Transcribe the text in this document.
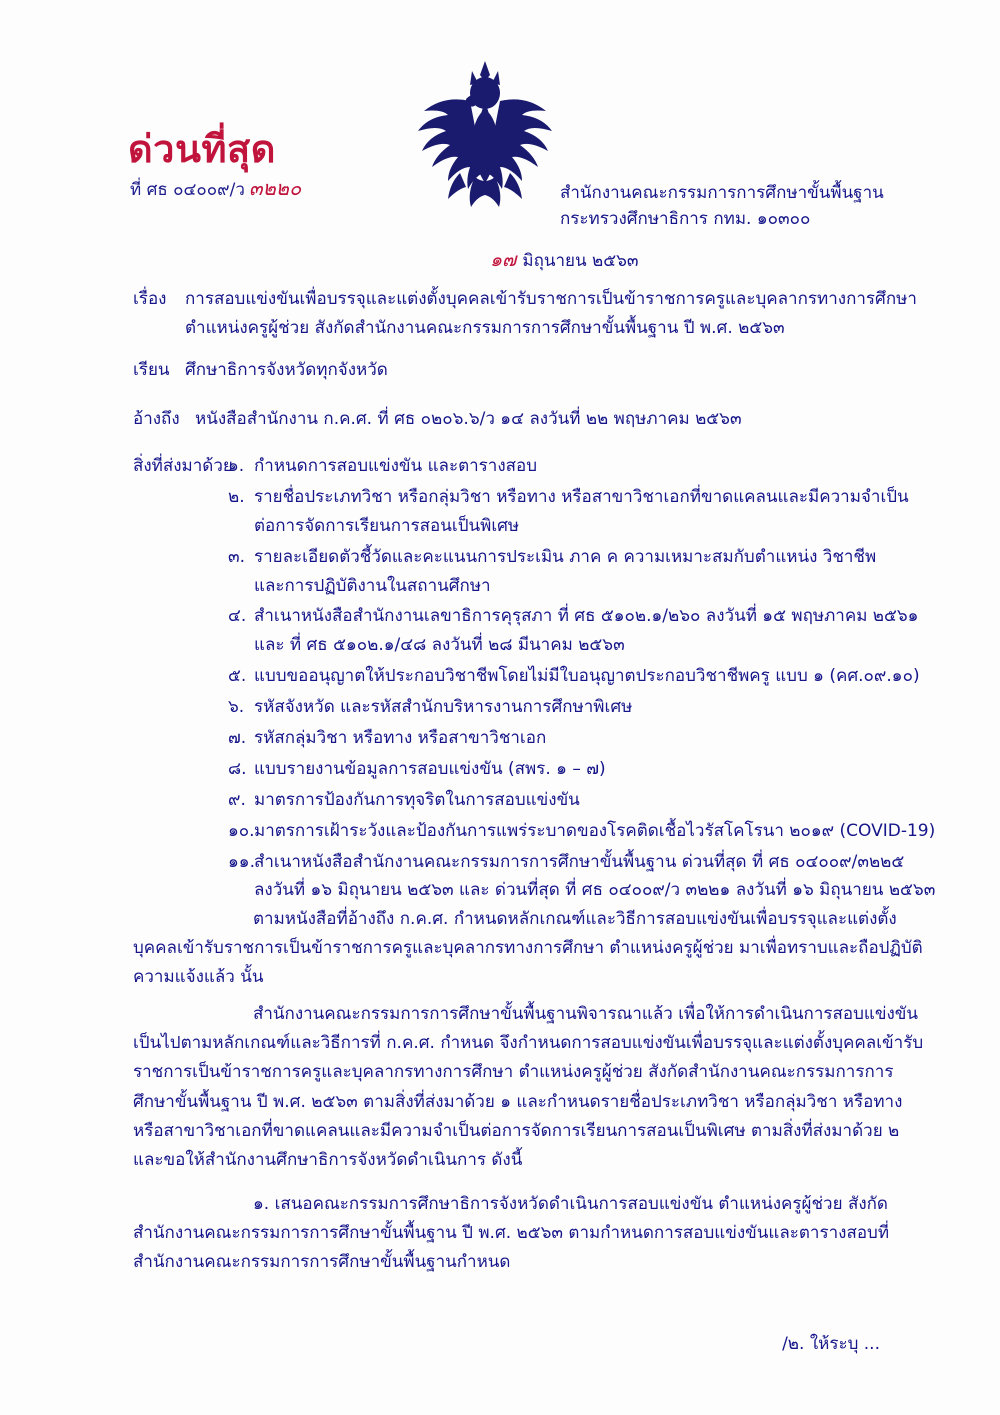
ด่วนที่สุด
ที่ ศธ ๐๔๐๐๙/ว ๓๒๒๐	สำนักงานคณะกรรมการการศึกษาขั้นพื้นฐาน
กระทรวงศึกษาธิการ กทม. ๑๐๓๐๐
๑๗ มิถุนายน ๒๕๖๓
เรื่อง การสอบแข่งขันเพื่อบรรจุและแต่งตั้งบุคคลเข้ารับราชการเป็นข้าราชการครูและบุคลากรทางการศึกษา
ตำแหน่งครูผู้ช่วย สังกัดสำนักงานคณะกรรมการการศึกษาขั้นพื้นฐาน ปี พ.ศ. ๒๕๖๓
เรียน ศึกษาธิการจังหวัดทุกจังหวัด
อ้างถึง หนังสือสำนักงาน ก.ค.ศ. ที่ ศธ ๐๒๐๖.๖/ว ๑๔ ลงวันที่ ๒๒ พฤษภาคม ๒๕๖๓
สิ่งที่ส่งมาด้วย
๑. กำหนดการสอบแข่งขัน และตารางสอบ
๒. รายชื่อประเภทวิชา หรือกลุ่มวิชา หรือทาง หรือสาขาวิชาเอกที่ขาดแคลนและมีความจำเป็น
ต่อการจัดการเรียนการสอนเป็นพิเศษ
๓. รายละเอียดตัวชี้วัดและคะแนนการประเมิน ภาค ค ความเหมาะสมกับตำแหน่ง วิชาชีพ
และการปฏิบัติงานในสถานศึกษา
๔. สำเนาหนังสือสำนักงานเลขาธิการคุรุสภา ที่ ศธ ๕๑๐๒.๑/๒๖๐ ลงวันที่ ๑๕ พฤษภาคม ๒๕๖๑
และ ที่ ศธ ๕๑๐๒.๑/๔๘ ลงวันที่ ๒๘ มีนาคม ๒๕๖๓
๕. แบบขออนุญาตให้ประกอบวิชาชีพโดยไม่มีใบอนุญาตประกอบวิชาชีพครู แบบ ๑ (คศ.๐๙.๑๐)
๖. รหัสจังหวัด และรหัสสำนักบริหารงานการศึกษาพิเศษ
๗. รหัสกลุ่มวิชา หรือทาง หรือสาขาวิชาเอก
๘. แบบรายงานข้อมูลการสอบแข่งขัน (สพร. ๑ – ๗)
๙. มาตรการป้องกันการทุจริตในการสอบแข่งขัน
๑๐. มาตรการเฝ้าระวังและป้องกันการแพร่ระบาดของโรคติดเชื้อไวรัสโคโรนา ๒๐๑๙ (COVID-19)
๑๑. สำเนาหนังสือสำนักงานคณะกรรมการการศึกษาขั้นพื้นฐาน ด่วนที่สุด ที่ ศธ ๐๔๐๐๙/๓๒๒๕
ลงวันที่ ๑๖ มิถุนายน ๒๕๖๓ และ ด่วนที่สุด ที่ ศธ ๐๔๐๐๙/ว ๓๒๒๑ ลงวันที่ ๑๖ มิถุนายน ๒๕๖๓
ตามหนังสือที่อ้างถึง ก.ค.ศ. กำหนดหลักเกณฑ์และวิธีการสอบแข่งขันเพื่อบรรจุและแต่งตั้งบุคคลเข้ารับราชการเป็นข้าราชการครูและบุคลากรทางการศึกษา ตำแหน่งครูผู้ช่วย มาเพื่อทราบและถือปฏิบัติความแจ้งแล้ว นั้น
สำนักงานคณะกรรมการการศึกษาขั้นพื้นฐานพิจารณาแล้ว เพื่อให้การดำเนินการสอบแข่งขันเป็นไปตามหลักเกณฑ์และวิธีการที่ ก.ค.ศ. กำหนด จึงกำหนดการสอบแข่งขันเพื่อบรรจุและแต่งตั้งบุคคลเข้ารับราชการเป็นข้าราชการครูและบุคลากรทางการศึกษา ตำแหน่งครูผู้ช่วย สังกัดสำนักงานคณะกรรมการการศึกษาขั้นพื้นฐาน ปี พ.ศ. ๒๕๖๓ ตามสิ่งที่ส่งมาด้วย ๑ และกำหนดรายชื่อประเภทวิชา หรือกลุ่มวิชา หรือทาง หรือสาขาวิชาเอกที่ขาดแคลนและมีความจำเป็นต่อการจัดการเรียนการสอนเป็นพิเศษ ตามสิ่งที่ส่งมาด้วย ๒ และขอให้สำนักงานศึกษาธิการจังหวัดดำเนินการ ดังนี้
๑. เสนอคณะกรรมการศึกษาธิการจังหวัดดำเนินการสอบแข่งขัน ตำแหน่งครูผู้ช่วย สังกัดสำนักงานคณะกรรมการการศึกษาขั้นพื้นฐาน ปี พ.ศ. ๒๕๖๓ ตามกำหนดการสอบแข่งขันและตารางสอบที่สำนักงานคณะกรรมการการศึกษาขั้นพื้นฐานกำหนด
/๒. ให้ระบุ ...
